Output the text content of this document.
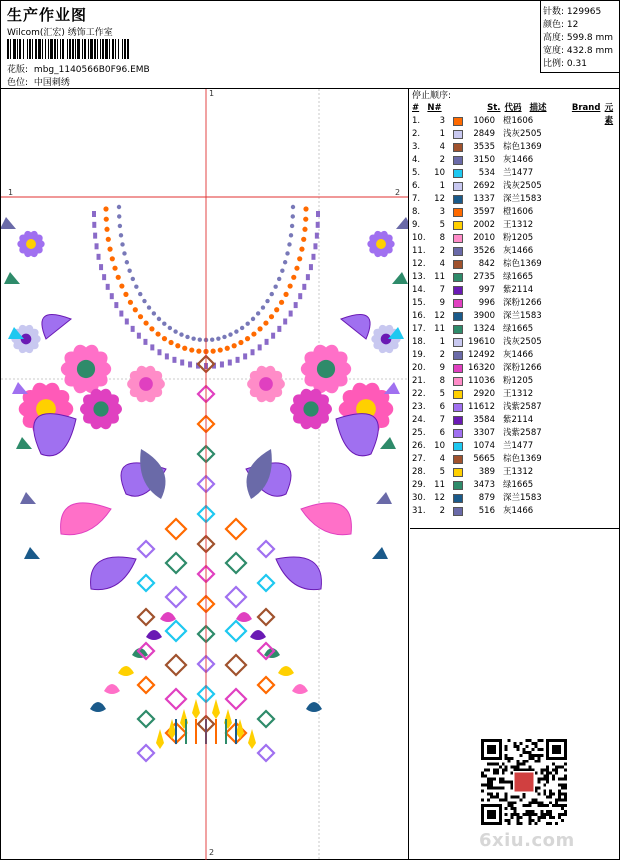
生产作业图
Wilcom(汇宏) 绣饰工作室
花版: mbg_1140566B0F96.EMB
色位: 中国刺绣
针数: 129965
颜色: 12
高度: 599.8 mm
宽度: 432.8 mm
比例: 0.31
1
1	2
2
停止顺序:
# N#	St. 代码 描述	Brand 元素
1.	3	1060 橙1606
2.	1	2849 浅灰2505
3.	4	3535 棕色1369
4.	2	3150 灰1466
5.	10	534 兰1477
6.	1	2692 浅灰2505
7.	12	1337 深兰1583
8.	3	3597 橙1606
9.	5	2002 王1312
10.	8	2010 粉1205
11.	2	3526 灰1466
12.	4	842 棕色1369
13.	11	2735 绿1665
14.	7	997 紫2114
15.	9	996 深粉1266
16.	12	3900 深兰1583
17.	11	1324 绿1665
18.	1	19610 浅灰2505
19.	2	12492 灰1466
20.	9	16320 深粉1266
21.	8	11036 粉1205
22.	5	2920 王1312
23.	6	11612 浅紫2587
24.	7	3584 紫2114
25.	6	3307 浅紫2587
26.	10	1074 兰1477
27.	4	5665 棕色1369
28.	5	389 王1312
29.	11	3473 绿1665
30.	12	879 深兰1583
31.	2	516 灰1466
6xiu.com
